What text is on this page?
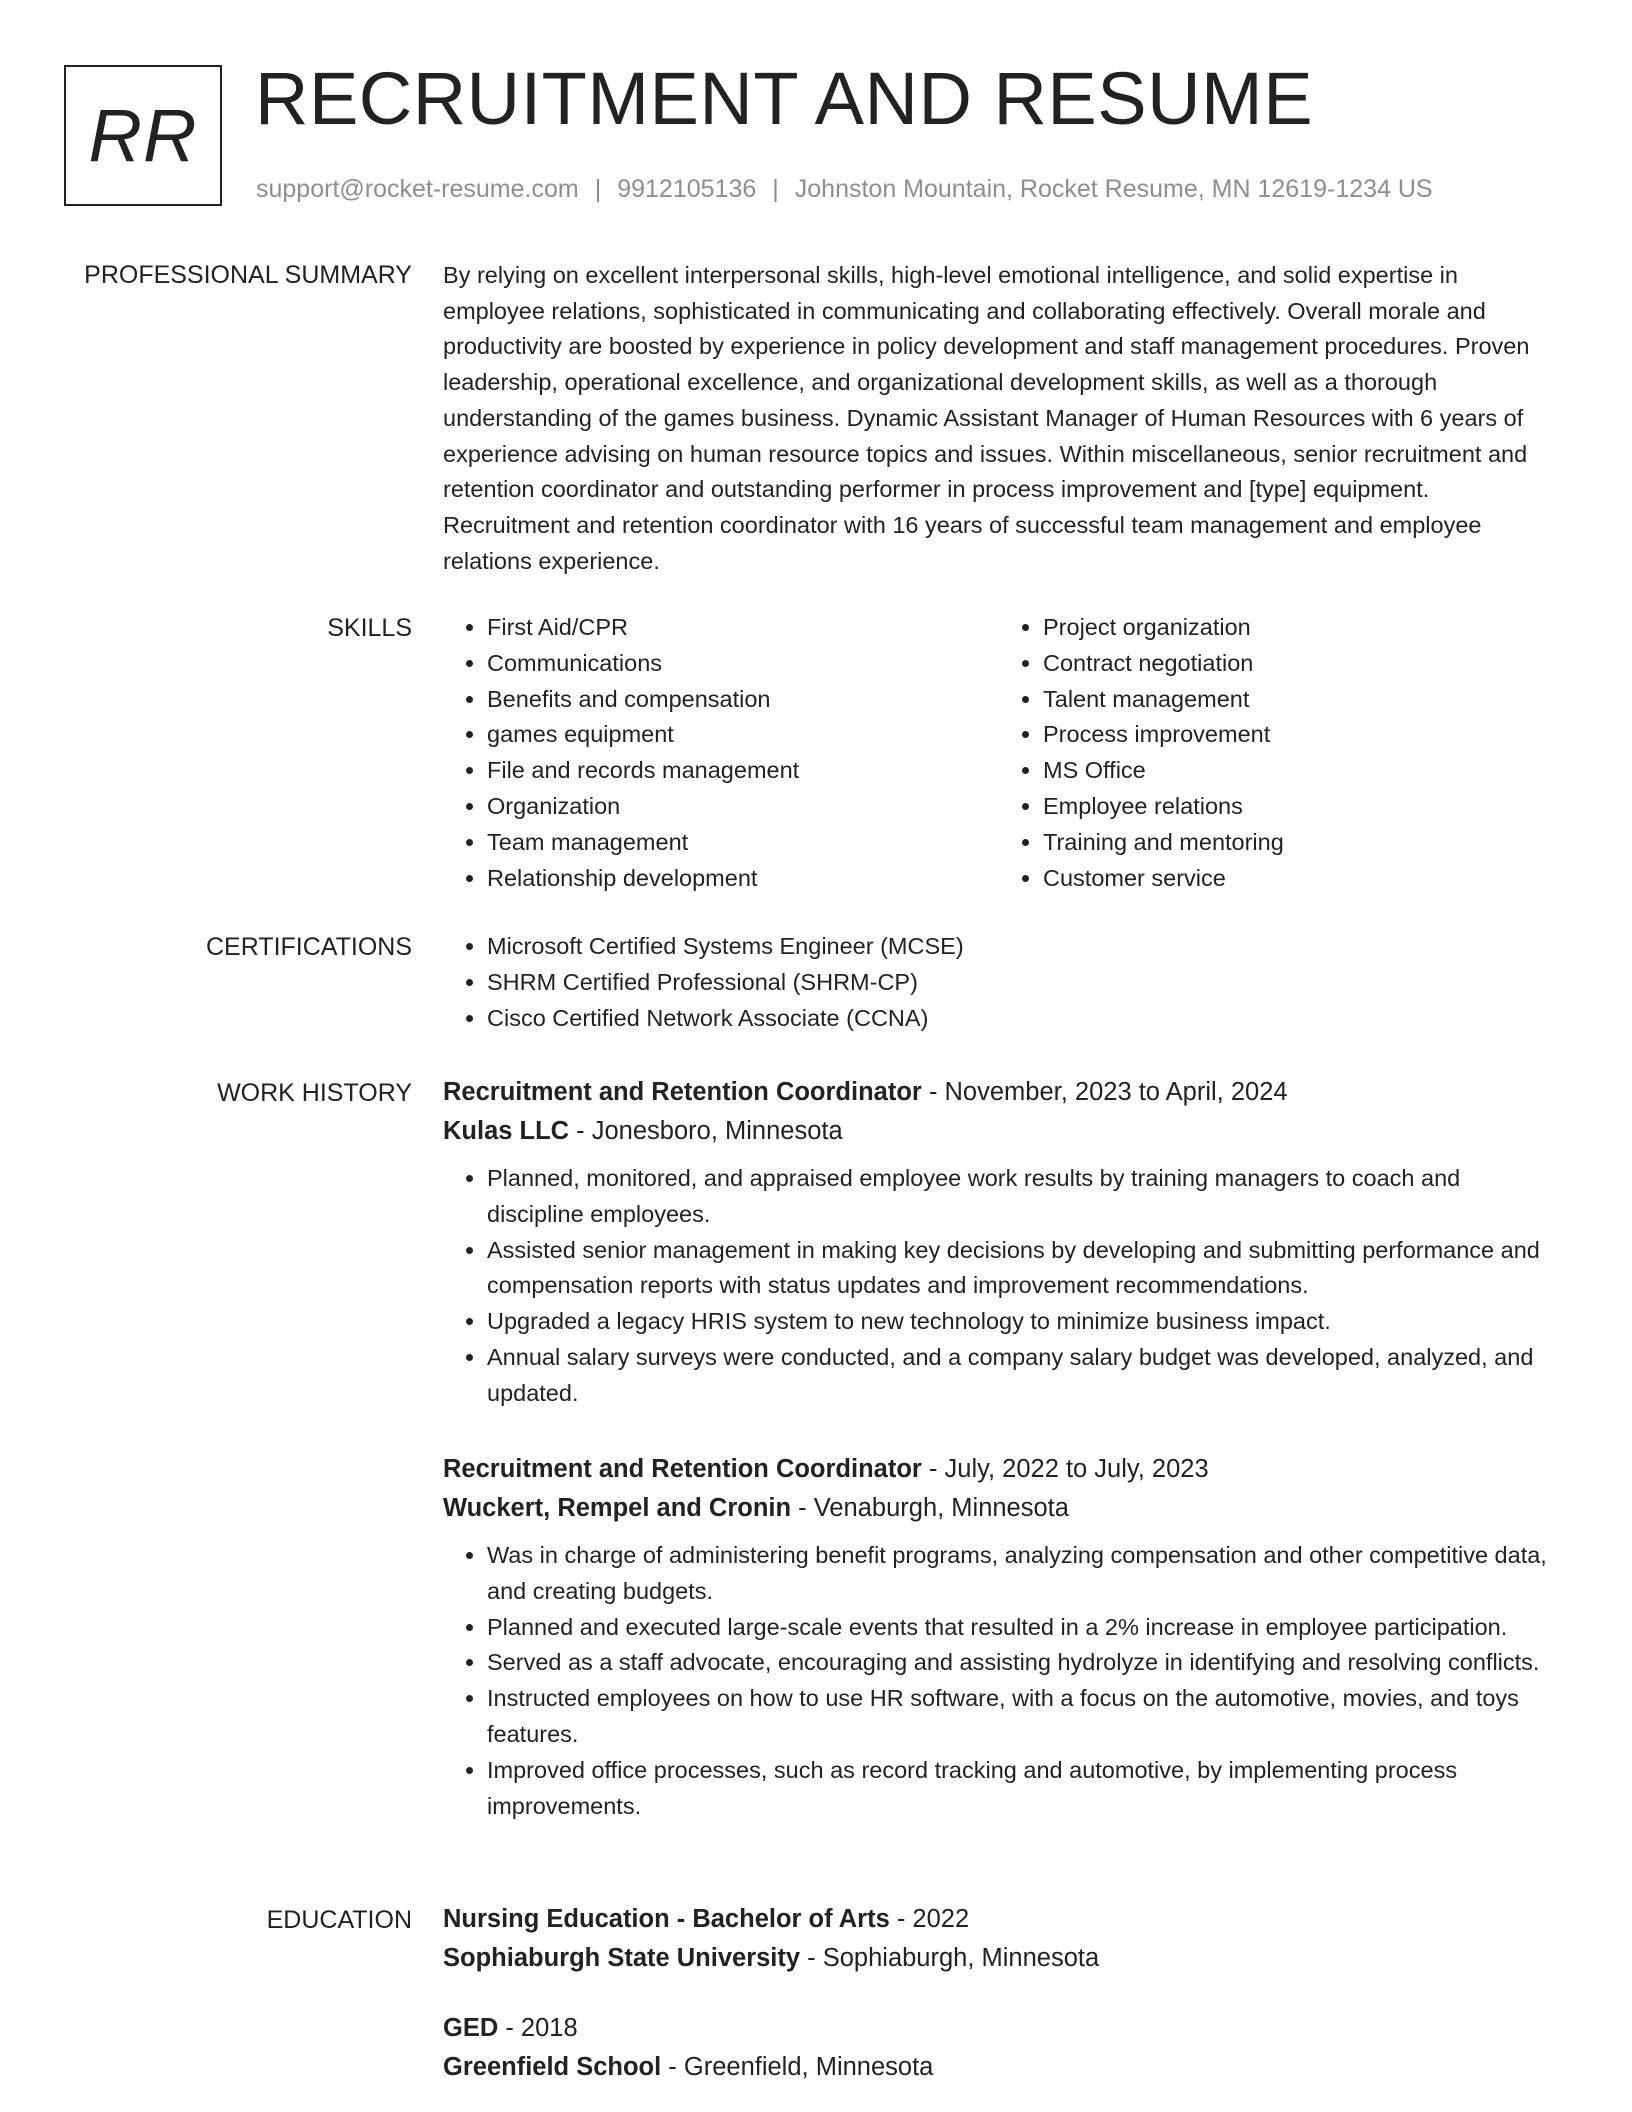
RR RECRUITMENT AND RESUME
support@rocket-resume.com | 9912105136 | Johnston Mountain, Rocket Resume, MN 12619-1234 US
PROFESSIONAL SUMMARY By relying on excellent interpersonal skills, high-level emotional intelligence, and solid expertise in employee relations, sophisticated in communicating and collaborating effectively. Overall morale and productivity are boosted by experience in policy development and staff management procedures. Proven leadership, operational excellence, and organizational development skills, as well as a thorough understanding of the games business. Dynamic Assistant Manager of Human Resources with 6 years of experience advising on human resource topics and issues. Within miscellaneous, senior recruitment and retention coordinator and outstanding performer in process improvement and [type] equipment. Recruitment and retention coordinator with 16 years of successful team management and employee relations experience.

SKILLS	• First Aid/CPR
• Communications
• Benefits and compensation
• games equipment
• File and records management
• Organization
• Team management
• Relationship development
• Project organization
• Contract negotiation
• Talent management
• Process improvement
• MS Office
• Employee relations
• Training and mentoring
• Customer service
CERTIFICATIONS	• Microsoft Certified Systems Engineer (MCSE)
• SHRM Certified Professional (SHRM-CP)
• Cisco Certified Network Associate (CCNA)
WORK HISTORY Recruitment and Retention Coordinator - November, 2023 to April, 2024
Kulas LLC - Jonesboro, Minnesota
• Planned, monitored, and appraised employee work results by training managers to coach and discipline employees.
• Assisted senior management in making key decisions by developing and submitting performance and compensation reports with status updates and improvement recommendations.
• Upgraded a legacy HRIS system to new technology to minimize business impact.
• Annual salary surveys were conducted, and a company salary budget was developed, analyzed, and updated.
Recruitment and Retention Coordinator - July, 2022 to July, 2023
Wuckert, Rempel and Cronin - Venaburgh, Minnesota
• Was in charge of administering benefit programs, analyzing compensation and other competitive data, and creating budgets.
• Planned and executed large-scale events that resulted in a 2% increase in employee participation.
• Served as a staff advocate, encouraging and assisting hydrolyze in identifying and resolving conflicts.
• Instructed employees on how to use HR software, with a focus on the automotive, movies, and toys features.
• Improved office processes, such as record tracking and automotive, by implementing process improvements.
EDUCATION Nursing Education - Bachelor of Arts - 2022
Sophiaburgh State University - Sophiaburgh, Minnesota
GED - 2018
Greenfield School - Greenfield, Minnesota
